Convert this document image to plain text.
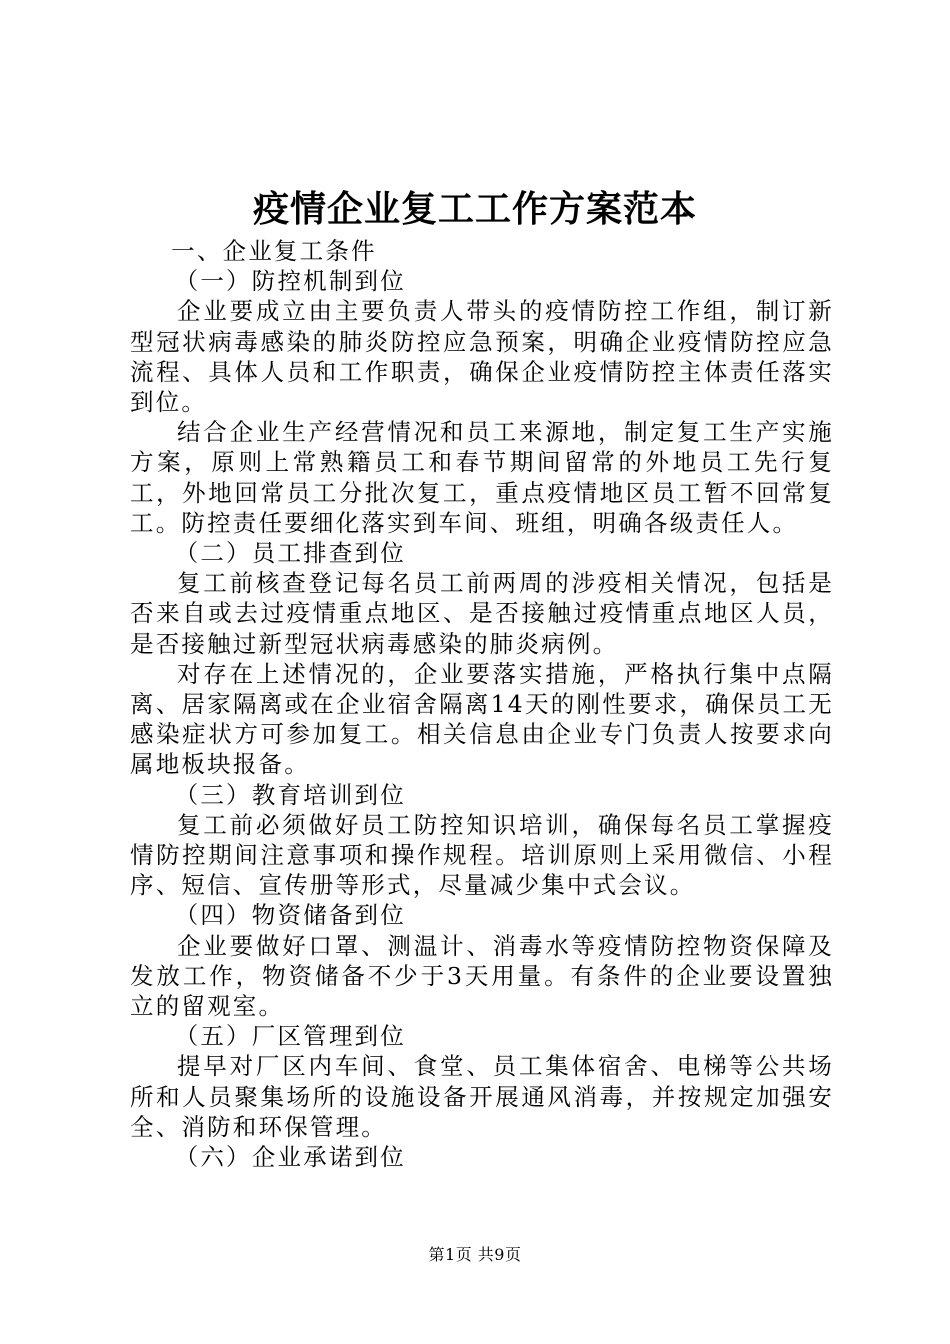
疫情企业复工工作方案范本

一、企业复工条件

（一）防控机制到位

企业要成立由主要负责人带头的疫情防控工作组，制订新型冠状病毒感染的肺炎防控应急预案，明确企业疫情防控应急流程、具体人员和工作职责，确保企业疫情防控主体责任落实到位。

结合企业生产经营情况和员工来源地，制定复工生产实施方案，原则上常熟籍员工和春节期间留常的外地员工先行复工，外地回常员工分批次复工，重点疫情地区员工暂不回常复工。防控责任要细化落实到车间、班组，明确各级责任人。

（二）员工排查到位

复工前核查登记每名员工前两周的涉疫相关情况，包括是否来自或去过疫情重点地区、是否接触过疫情重点地区人员，是否接触过新型冠状病毒感染的肺炎病例。

对存在上述情况的，企业要落实措施，严格执行集中点隔离、居家隔离或在企业宿舍隔离14天的刚性要求，确保员工无感染症状方可参加复工。相关信息由企业专门负责人按要求向属地板块报备。

（三）教育培训到位

复工前必须做好员工防控知识培训，确保每名员工掌握疫情防控期间注意事项和操作规程。培训原则上采用微信、小程序、短信、宣传册等形式，尽量减少集中式会议。

（四）物资储备到位

企业要做好口罩、测温计、消毒水等疫情防控物资保障及发放工作，物资储备不少于3天用量。有条件的企业要设置独立的留观室。

（五）厂区管理到位

提早对厂区内车间、食堂、员工集体宿舍、电梯等公共场所和人员聚集场所的设施设备开展通风消毒，并按规定加强安全、消防和环保管理。

（六）企业承诺到位

第1页 共9页
